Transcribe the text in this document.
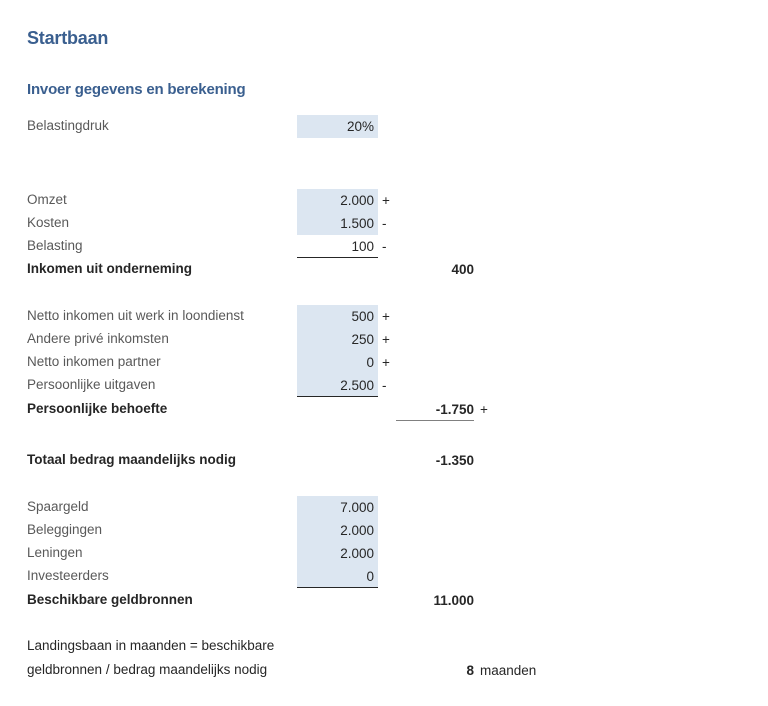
Startbaan
Invoer gegevens en berekening
Belastingdruk	20%
Omzet	2.000 +
Kosten	1.500 -
Belasting	100 -
Inkomen uit onderneming	400
Netto inkomen uit werk in loondienst	500 +
Andere privé inkomsten	250 +
Netto inkomen partner	0 +
Persoonlijke uitgaven	2.500 -
Persoonlijke behoefte	-1.750 +
Totaal bedrag maandelijks nodig	-1.350
Spaargeld	7.000
Beleggingen	2.000
Leningen	2.000
Investeerders	0
Beschikbare geldbronnen	11.000
Landingsbaan in maanden = beschikbare
geldbronnen / bedrag maandelijks nodig	8 maanden
